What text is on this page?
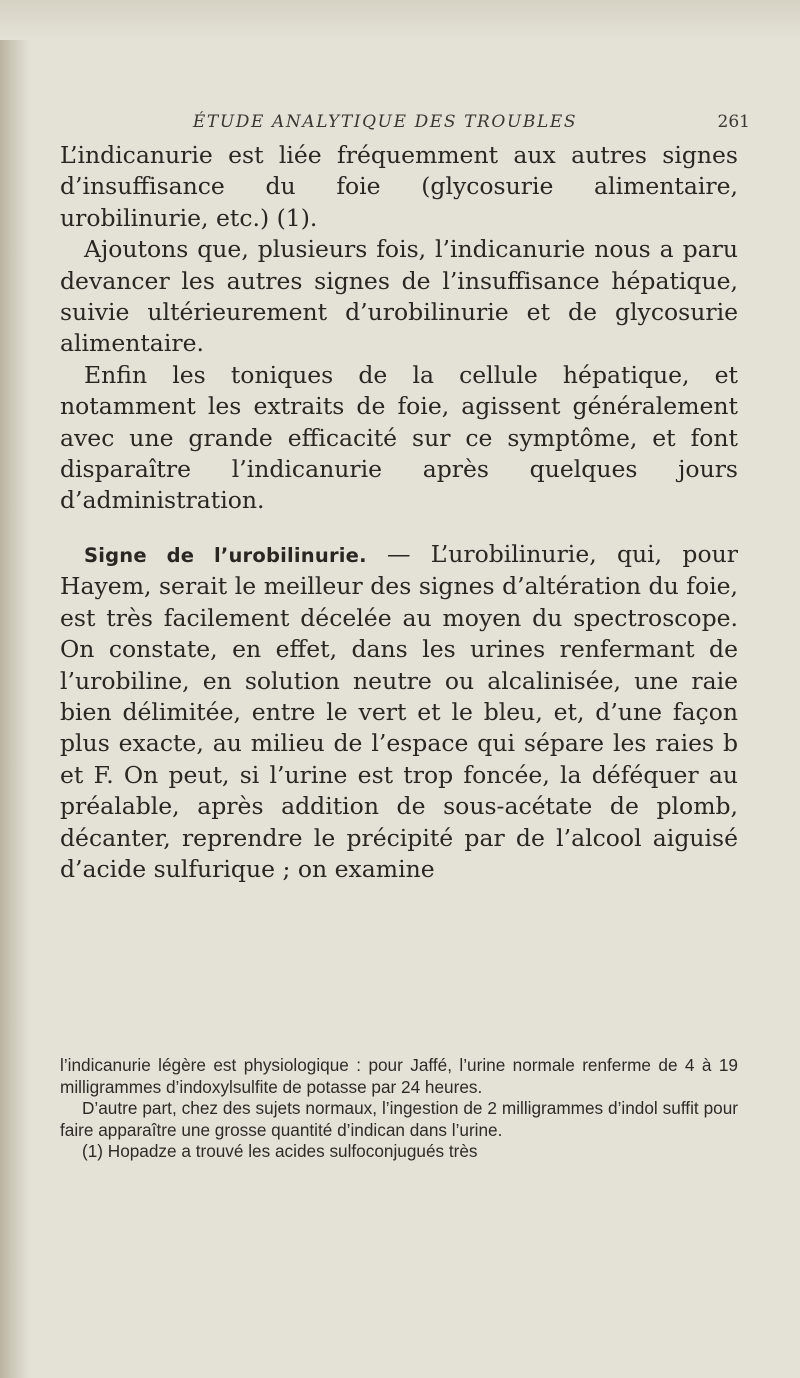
ÉTUDE ANALYTIQUE DES TROUBLES	261

L’indicanurie est liée fréquemment aux autres signes d’insuffisance du foie (glycosurie alimentaire, urobilinurie, etc.) (1).

Ajoutons que, plusieurs fois, l’indicanurie nous a paru devancer les autres signes de l’insuffisance hépatique, suivie ultérieurement d’urobilinurie et de glycosurie alimentaire.

Enfin les toniques de la cellule hépatique, et notamment les extraits de foie, agissent généralement avec une grande efficacité sur ce symptôme, et font disparaître l’indicanurie après quelques jours d’administration.

Signe de l’urobilinurie. — L’urobilinurie, qui, pour Hayem, serait le meilleur des signes d’altération du foie, est très facilement décelée au moyen du spectroscope. On constate, en effet, dans les urines renfermant de l’urobiline, en solution neutre ou alcalinisée, une raie bien délimitée, entre le vert et le bleu, et, d’une façon plus exacte, au milieu de l’espace qui sépare les raies b et F. On peut, si l’urine est trop foncée, la déféquer au préalable, après addition de sous-acétate de plomb, décanter, reprendre le précipité par de l’alcool aiguisé d’acide sulfurique ; on examine

l’indicanurie légère est physiologique : pour Jaffé, l’urine normale renferme de 4 à 19 milligrammes d’indoxylsulfite de potasse par 24 heures.

D’autre part, chez des sujets normaux, l’ingestion de 2 milligrammes d’indol suffit pour faire apparaître une grosse quantité d’indican dans l’urine.

(1) Hopadze a trouvé les acides sulfoconjugués très
